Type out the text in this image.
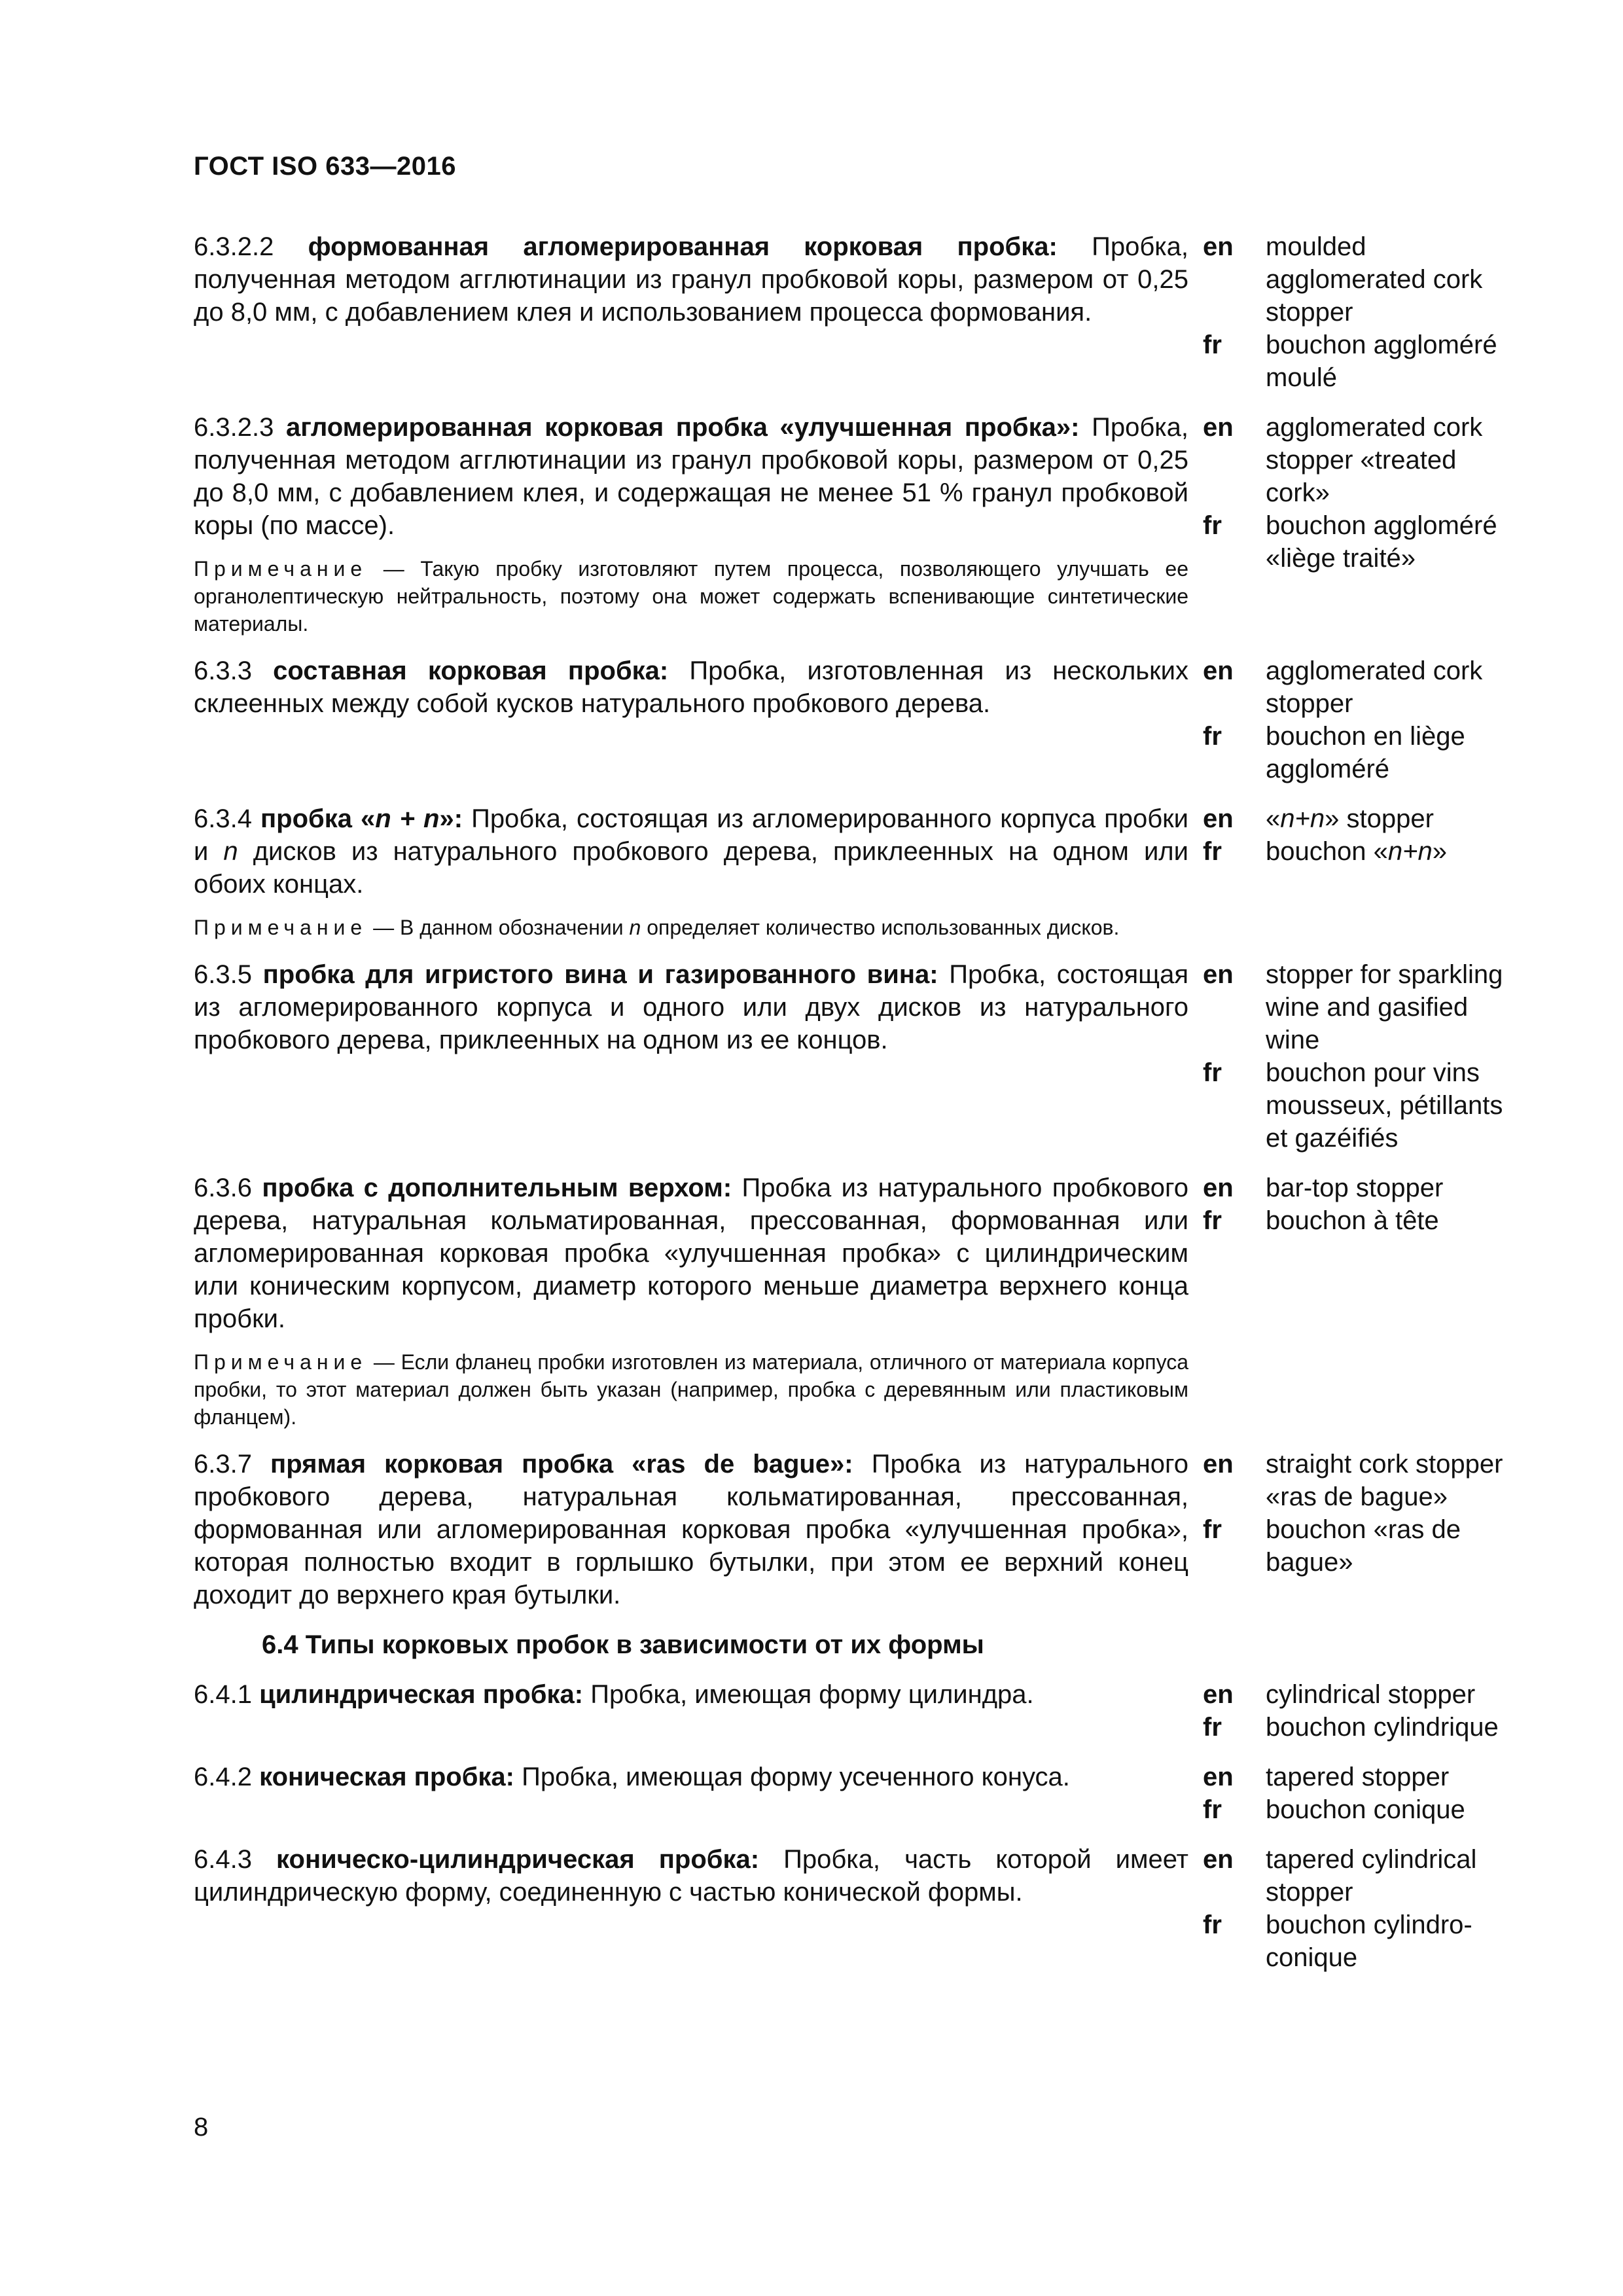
ГОСТ ISO 633—2016
6.3.2.2 формованная агломерированная корковая пробка: Пробка, полученная методом агглютинации из гранул пробковой коры, размером от 0,25 до 8,0 мм, с добавлением клея и использованием процесса формования.
en	moulded agglomerated cork stopper
fr	bouchon aggloméré moulé
6.3.2.3 агломерированная корковая пробка «улучшенная пробка»: Пробка, полученная методом агглютинации из гранул пробковой коры, размером от 0,25 до 8,0 мм, с добавлением клея, и содержащая не менее 51 % гранул пробковой коры (по массе).
Примечание — Такую пробку изготовляют путем процесса, позволяющего улучшать ее органолептическую нейтральность, поэтому она может содержать вспенивающие синтетические материалы.
en	agglomerated cork stopper «treated cork»
fr	bouchon aggloméré «liège traité»
6.3.3 составная корковая пробка: Пробка, изготовленная из нескольких склеенных между собой кусков натурального пробкового дерева.
en	agglomerated cork stopper
fr	bouchon en liège aggloméré
6.3.4 пробка «n + n»: Пробка, состоящая из агломерированного корпуса пробки и n дисков из натурального пробкового дерева, приклеенных на одном или обоих концах.
Примечание — В данном обозначении n определяет количество использованных дисков.
en	«n+n» stopper
fr	bouchon «n+n»
6.3.5 пробка для игристого вина и газированного вина: Пробка, состоящая из агломерированного корпуса и одного или двух дисков из натурального пробкового дерева, приклеенных на одном из ее концов.
en	stopper for sparkling wine and gasified wine
fr	bouchon pour vins mousseux, pétillants et gazéifiés
6.3.6 пробка с дополнительным верхом: Пробка из натурального пробкового дерева, натуральная кольматированная, прессованная, формованная или агломерированная корковая пробка «улучшенная пробка» с цилиндрическим или коническим корпусом, диаметр которого меньше диаметра верхнего конца пробки.
Примечание — Если фланец пробки изготовлен из материала, отличного от материала корпуса пробки, то этот материал должен быть указан (например, пробка с деревянным или пластиковым фланцем).
en	bar-top stopper
fr	bouchon à tête
6.3.7 прямая корковая пробка «ras de bague»: Пробка из натурального пробкового дерева, натуральная кольматированная, прессованная, формованная или агломерированная корковая пробка «улучшенная пробка», которая полностью входит в горлышко бутылки, при этом ее верхний конец доходит до верхнего края бутылки.
en	straight cork stopper «ras de bague»
fr	bouchon «ras de bague»
6.4 Типы корковых пробок в зависимости от их формы
6.4.1 цилиндрическая пробка: Пробка, имеющая форму цилиндра.	en	cylindrical stopper
fr	bouchon cylindrique
6.4.2 коническая пробка: Пробка, имеющая форму усеченного конуса.	en	tapered stopper
fr	bouchon conique
6.4.3 коническо-цилиндрическая пробка: Пробка, часть которой имеет цилиндрическую форму, соединенную с частью конической формы.
en	tapered cylindrical stopper
fr	bouchon cylindro-conique
8
